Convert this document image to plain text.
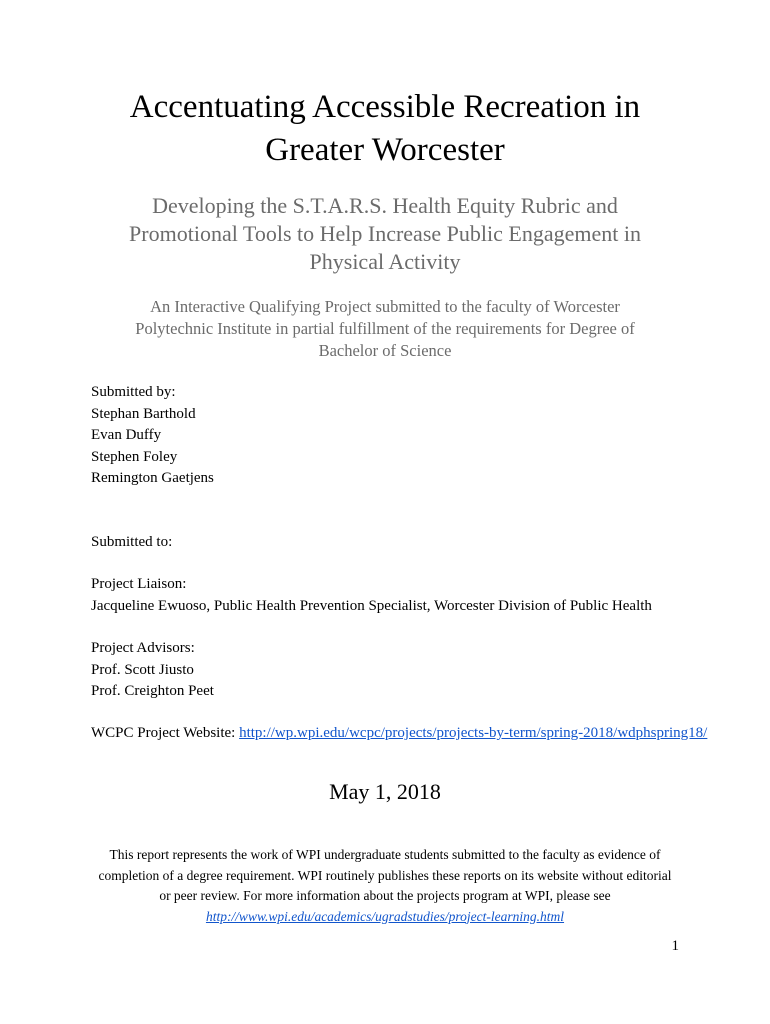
Accentuating Accessible Recreation in
Greater Worcester
Developing the S.T.A.R.S. Health Equity Rubric and
Promotional Tools to Help Increase Public Engagement in
Physical Activity
An Interactive Qualifying Project submitted to the faculty of Worcester
Polytechnic Institute in partial fulfillment of the requirements for Degree of
Bachelor of Science
Submitted by:
Stephan Barthold
Evan Duffy
Stephen Foley
Remington Gaetjens
Submitted to:
Project Liaison:
Jacqueline Ewuoso, Public Health Prevention Specialist, Worcester Division of Public Health
Project Advisors:
Prof. Scott Jiusto
Prof. Creighton Peet
WCPC Project Website: http://wp.wpi.edu/wcpc/projects/projects-by-term/spring-2018/wdphspring18/
May 1, 2018
This report represents the work of WPI undergraduate students submitted to the faculty as evidence of
completion of a degree requirement. WPI routinely publishes these reports on its website without editorial
or peer review. For more information about the projects program at WPI, please see
http://www.wpi.edu/academics/ugradstudies/project-learning.html
1
